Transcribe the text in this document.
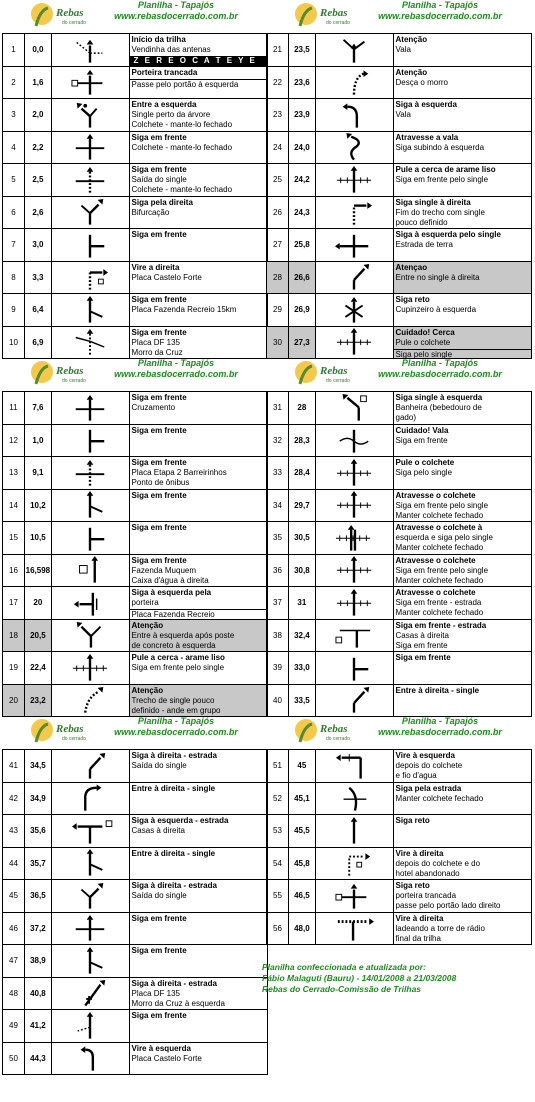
Rebas
do cerrado
Planilha - Tapajós
www.rebasdocerrado.com.br
1	0,0
Início da trilha
Vendinha das antenas
Z E R E O C A T E Y E
2	1,6
Porteira trancada
Passe pelo portão à esquerda
3	2,0
Entre a esquerda
Single perto da árvore
Colchete - mante-lo fechado
4	2,2
Siga em frente
Colchete - mante-lo fechado
5	2,5
Siga em frente
Saída do single
Colchete - mante-lo fechado
6	2,6
Siga pela direita
Bifurcação
7	3,0
Siga em frente
8	3,3
Vire a direita
Placa Castelo Forte
9	6,4
Siga em frente
Placa Fazenda Recreio 15km
10	6,9
Siga em frente
Placa DF 135
Morro da Cruz
Rebas
do cerrado
Planilha - Tapajós
www.rebasdocerrado.com.br
21	23,5
Atenção
Vala
22	23,6
Atenção
Desça o morro
23	23,9
Siga à esquerda
Vala
24	24,0
Atravesse a vala
Siga subindo à esquerda
25	24,2
Pule a cerca de arame liso
Siga em frente pelo single
26	24,3
Siga single à direita
Fim do trecho com single
pouco definido
27	25,8
Siga à esquerda pelo single
Estrada de terra
28	26,6
Atençao
Entre no single à direita
29	26,9
Siga reto
Cupinzeiro à esquerda
30	27,3
Cuidado! Cerca
Pule o colchete
Siga pelo single
Rebas
do cerrado
Planilha - Tapajós
www.rebasdocerrado.com.br
11	7,6
Siga em frente
Cruzamento
12	1,0
Siga em frente
13	9,1
Siga em frente
Placa Etapa 2 Barreirinhos
Ponto de ônibus
14	10,2
Siga em frente
15	10,5
Siga em frente
16 16,598
Siga em frente
Fazenda Muquem
Caixa d'água à direita
17	20
Siga à esquerda pela
porteira
Placa Fazenda Recreio
18	20,5
Atenção
Entre à esquerda após poste
de concreto à esquerda
19	22,4
Pule a cerca - arame liso
Siga em frente pelo single
20	23,2
Atenção
Trecho de single pouco
definido - ande em grupo
Rebas
do cerrado
Planilha - Tapajós
www.rebasdocerrado.com.br
31	28
Siga single à esquerda
Banheira (bebedouro de
gado)
32	28,3
Cuidado! Vala
Siga em frente
33	28,4
Pule o colchete
Siga pelo single
34	29,7
Atravesse o colchete
Siga em frente pelo single
Manter colchete fechado
35	30,5
Atravesse o colchete à
esquerda e siga pelo single
Manter colchete fechado
36	30,8
Atravesse o colchete
Siga em frente pelo single
Manter colchete fechado
37	31
Atravesse o colchete
Siga em frente - estrada
Manter colchete fechado
38	32,4
Siga em frente - estrada
Casas à direita
Siga em frente
39	33,0
Siga em frente
40	33,5
Entre à direita - single
Rebas
do cerrado
Planilha - Tapajós
www.rebasdocerrado.com.br
41	34,5
Siga à direita - estrada
Saída do single
42	34,9
Entre à direita - single
43	35,6
Siga à esquerda - estrada
Casas à direita
44	35,7
Entre à direita - single
45	36,5
Siga à direita - estrada
Saída do single
46	37,2
Siga em frente
47	38,9
Siga em frente
48	40,8
Siga à direita - estrada
Placa DF 135
Morro da Cruz à esquerda
49	41,2
Siga em frente
50	44,3
Vire à esquerda
Placa Castelo Forte
Rebas
do cerrado
Planilha - Tapajós
www.rebasdocerrado.com.br
51	45
Vire à esquerda
depois do colchete
e fio d'agua
52	45,1
Siga pela estrada
Manter colchete fechado
53	45,5
Siga reto
54	45,8
Vire à direita
depois do colchete e do
hotel abandonado
55	46,5
Siga reto
porteira trancada
passe pelo portão lado direito
56	48,0
Vire à direita
ladeando a torre de rádio
final da trilha
Planilha confeccionada e atualizada por:
Fábio Malaguti (Bauru) - 14/01/2008 a 21/03/2008
Rebas do Cerrado-Comissão de Trilhas
